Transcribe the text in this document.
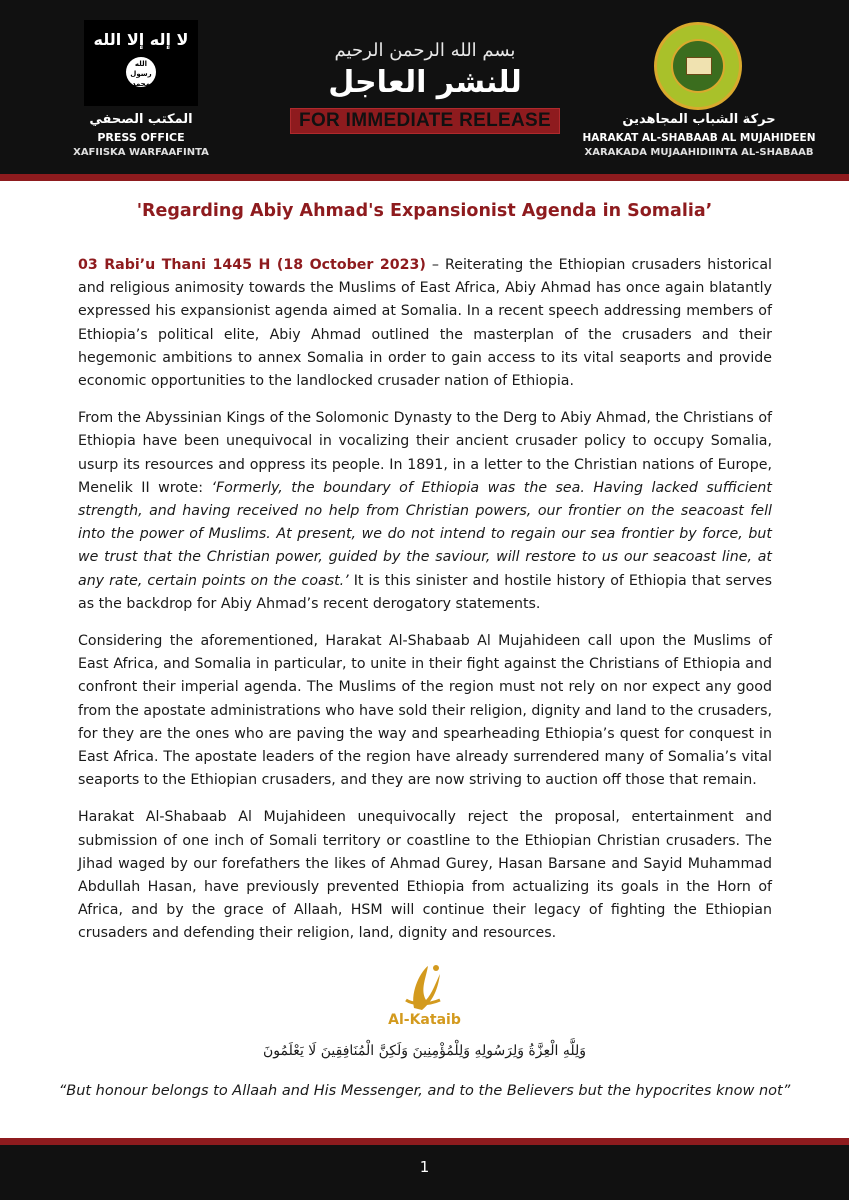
لا إله إلا الله
الله رسول محمد
المكتب الصحفي
PRESS OFFICE
XAFIISKA WARFAAFINTA
بسم الله الرحمن الرحيم
للنشر العاجل
FOR IMMEDIATE RELEASE	حركة الشباب المجاهدين
HARAKAT AL-SHABAAB AL MUJAHIDEEN
XARAKADA MUJAAHIDIINTA AL-SHABAAB
'Regarding Abiy Ahmad's Expansionist Agenda in Somalia’

03 Rabi’u Thani 1445 H (18 October 2023) – Reiterating the Ethiopian crusaders historical and religious animosity towards the Muslims of East Africa, Abiy Ahmad has once again blatantly expressed his expansionist agenda aimed at Somalia. In a recent speech addressing members of Ethiopia’s political elite, Abiy Ahmad outlined the masterplan of the crusaders and their hegemonic ambitions to annex Somalia in order to gain access to its vital seaports and provide economic opportunities to the landlocked crusader nation of Ethiopia.

From the Abyssinian Kings of the Solomonic Dynasty to the Derg to Abiy Ahmad, the Christians of Ethiopia have been unequivocal in vocalizing their ancient crusader policy to occupy Somalia, usurp its resources and oppress its people. In 1891, in a letter to the Christian nations of Europe, Menelik II wrote: ‘Formerly, the boundary of Ethiopia was the sea. Having lacked sufficient strength, and having received no help from Christian powers, our frontier on the seacoast fell into the power of Muslims. At present, we do not intend to regain our sea frontier by force, but we trust that the Christian power, guided by the saviour, will restore to us our seacoast line, at any rate, certain points on the coast.’ It is this sinister and hostile history of Ethiopia that serves as the backdrop for Abiy Ahmad’s recent derogatory statements.

Considering the aforementioned, Harakat Al-Shabaab Al Mujahideen call upon the Muslims of East Africa, and Somalia in particular, to unite in their fight against the Christians of Ethiopia and confront their imperial agenda. The Muslims of the region must not rely on nor expect any good from the apostate administrations who have sold their religion, dignity and land to the crusaders, for they are the ones who are paving the way and spearheading Ethiopia’s quest for conquest in East Africa. The apostate leaders of the region have already surrendered many of Somalia’s vital seaports to the Ethiopian crusaders, and they are now striving to auction off those that remain.

Harakat Al-Shabaab Al Mujahideen unequivocally reject the proposal, entertainment and submission of one inch of Somali territory or coastline to the Ethiopian Christian crusaders. The Jihad waged by our forefathers the likes of Ahmad Gurey, Hasan Barsane and Sayid Muhammad Abdullah Hasan, have previously prevented Ethiopia from actualizing its goals in the Horn of Africa, and by the grace of Allaah, HSM will continue their legacy of fighting the Ethiopian crusaders and defending their religion, land, dignity and resources.

Al-Kataib
وَلِلَّهِ الْعِزَّةُ وَلِرَسُولِهِ وَلِلْمُؤْمِنِينَ وَلَكِنَّ الْمُنَافِقِينَ لَا يَعْلَمُونَ
“But honour belongs to Allaah and His Messenger, and to the Believers but the hypocrites know not”
1
